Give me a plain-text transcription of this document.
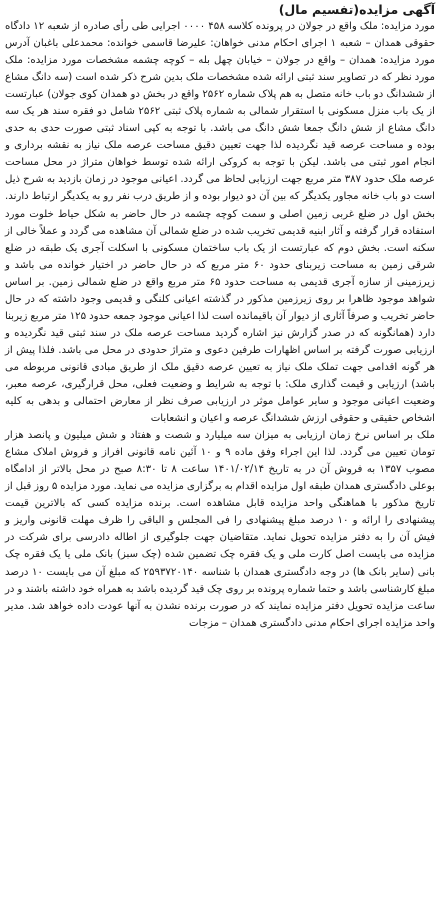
آگهی مزایده(تفسیم مال)

مورد مزایده: ملک واقع در جولان در پرونده کلاسه ۴۵۸ ۰۰۰۰ اجرایی طی رأی صادره از شعبه ۱۲ دادگاه حقوقی همدان – شعبه ۱ اجرای احکام مدنی خواهان: علیرضا قاسمی خوانده: محمدعلی باغبان آدرس مورد مزایده: همدان – واقع در جولان – خیابان چهل بله – کوچه چشمه مشخصات مورد مزایده: ملک مورد نظر که در تصاویر سند ثبتی ارائه شده مشخصات ملک بدین شرح ذکر شده است (سه دانگ مشاع از ششدانگ دو باب خانه متصل به هم پلاک شماره ۲۵۶۲ واقع در بخش دو همدان کوی جولان) عبارتست از یک باب منزل مسکونی با استقرار شمالی به شماره پلاک ثبتی ۲۵۶۲ شامل دو فقره سند هر یک سه دانگ مشاع از شش دانگ جمعا شش دانگ می باشد. با توجه به کپی اسناد ثبتی صورت حدی به حدی بوده و مساحت عرصه قید نگردیده لذا جهت تعیین دقیق مساحت عرصه ملک نیاز به نقشه برداری و انجام امور ثبتی می باشد. لیکن با توجه به کروکی ارائه شده توسط خواهان متراژ در محل مساحت عرصه ملک حدود ۳۸۷ متر مربع جهت ارزیابی لحاظ می گردد. اعیانی موجود در زمان بازدید به شرح ذیل است دو باب خانه مجاور یکدیگر که بین آن دو دیوار بوده و از طریق درب نفر رو به یکدیگر ارتباط دارند. بخش اول در ضلع غربی زمین اصلی و سمت کوچه چشمه در حال حاضر به شکل حیاط خلوت مورد استفاده قرار گرفته و آثار ابنیه قدیمی تخریب شده در ضلع شمالی آن مشاهده می گردد و عملاً خالی از سکنه است. بخش دوم که عبارتست از یک باب ساختمان مسکونی با اسکلت آجری یک طبقه در ضلع شرقی زمین به مساحت زیربنای حدود ۶۰ متر مربع که در حال حاضر در اختیار خوانده می باشد و زیرزمینی از سازه آجری قدیمی به مساحت حدود ۶۵ متر مربع واقع در ضلع شمالی زمین. بر اساس شواهد موجود ظاهرا بر روی زیرزمین مذکور در گذشته اعیانی کلنگی و قدیمی وجود داشته که در حال حاضر تخریب و صرفاً آثاری از دیوار آن باقیمانده است لذا اعیانی موجود جمعه حدود ۱۲۵ متر مربع زیربنا دارد (همانگونه که در صدر گزارش نیز اشاره گردید مساحت عرصه ملک در سند ثبتی قید نگردیده و ارزیابی صورت گرفته بر اساس اظهارات طرفین دعوی و متراژ حدودی در محل می باشد. فلذا پیش از هر گونه اقدامی جهت تملک ملک نیاز به تعیین عرصه دقیق ملک از طریق مبادی قانونی مربوطه می باشد) ارزیابی و قیمت گذاری ملک: با توجه به شرایط و وضعیت فعلی، محل قرارگیری، عرصه معبر، وضعیت اعیانی موجود و سایر عوامل موثر در ارزیابی صرف نظر از معارض احتمالی و بدهی به کلیه اشخاص حقیقی و حقوقی ارزش ششدانگ عرصه و اعیان و انشعابات

ملک بر اساس نرخ زمان ارزیابی به میزان سه میلیارد و شصت و هفتاد و شش میلیون و پانصد هزار تومان تعیین می گردد. لذا این اجراء وفق ماده ۹ و ۱۰ آئین نامه قانونی افراز و فروش املاک مشاع مصوب ۱۳۵۷ به فروش آن در به تاریخ ۱۴۰۱/۰۲/۱۴ ساعت ۸ تا ۸:۳۰ صبح در محل بالاتر از ادامگاه بوعلی دادگستری همدان طبقه اول مزایده اقدام به برگزاری مزایده می نماید. مورد مزایده ۵ روز قبل از تاریخ مذکور با هماهنگی واحد مزایده قابل مشاهده است. برنده مزایده کسی که بالاترین قیمت پیشنهادی را ارائه و ۱۰ درصد مبلغ پیشنهادی را فی المجلس و الباقی را ظرف مهلت قانونی واریز و فیش آن را به دفتر مزایده تحویل نماید. متقاضیان جهت جلوگیری از اطاله دادرسی برای شرکت در مزایده می بایست اصل کارت ملی و یک فقره چک تضمین شده (چک سبز) بانک ملی یا یک فقره چک بانی (سایر بانک ها) در وجه دادگستری همدان با شناسه ۲۵۹۳۷۲۰۱۴۰ که مبلغ آن می بایست ۱۰ درصد مبلغ کارشناسی باشد و حتما شماره پرونده بر روی چک قید گردیده باشد به همراه خود داشته باشند و در ساعت مزایده تحویل دفتر مزایده نمایند که در صورت برنده نشدن به آنها عودت داده خواهد شد. مدیر واحد مزایده اجرای احکام مدنی دادگستری همدان – مزجات
